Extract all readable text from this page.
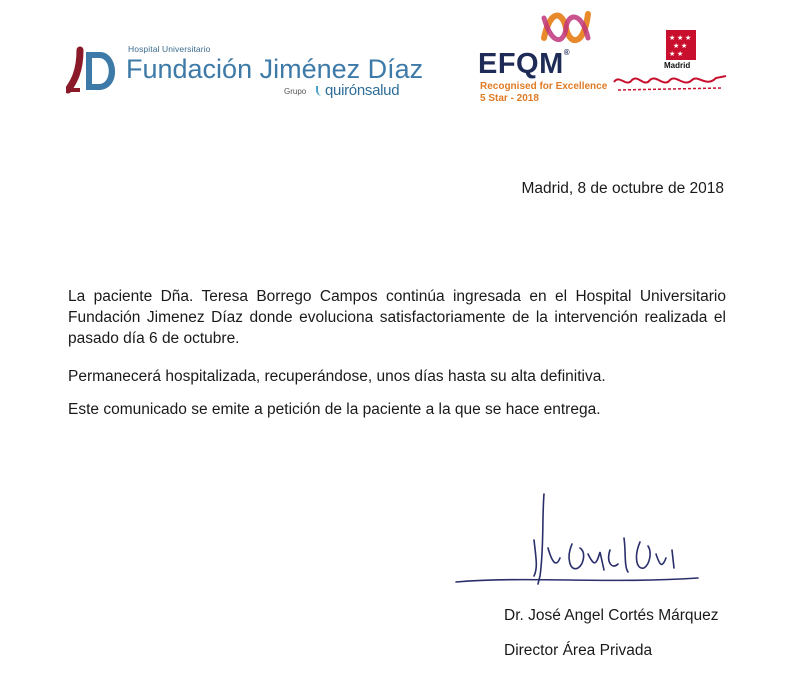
Hospital Universitario
Fundación Jiménez Díaz
Grupo	quirónsalud
EFQM®
Recognised for Excellence
5 Star - 2018
★ ★ ★
★ ★
★ ★
Madrid
Madrid, 8 de octubre de 2018
La paciente Dña. Teresa Borrego Campos continúa ingresada en el Hospital Universitario Fundación Jimenez Díaz donde evoluciona satisfactoriamente de la intervención realizada el pasado día 6 de octubre.
Permanecerá hospitalizada, recuperándose, unos días hasta su alta definitiva.
Este comunicado se emite a petición de la paciente a la que se hace entrega.
Dr. José Angel Cortés Márquez
Director Área Privada
